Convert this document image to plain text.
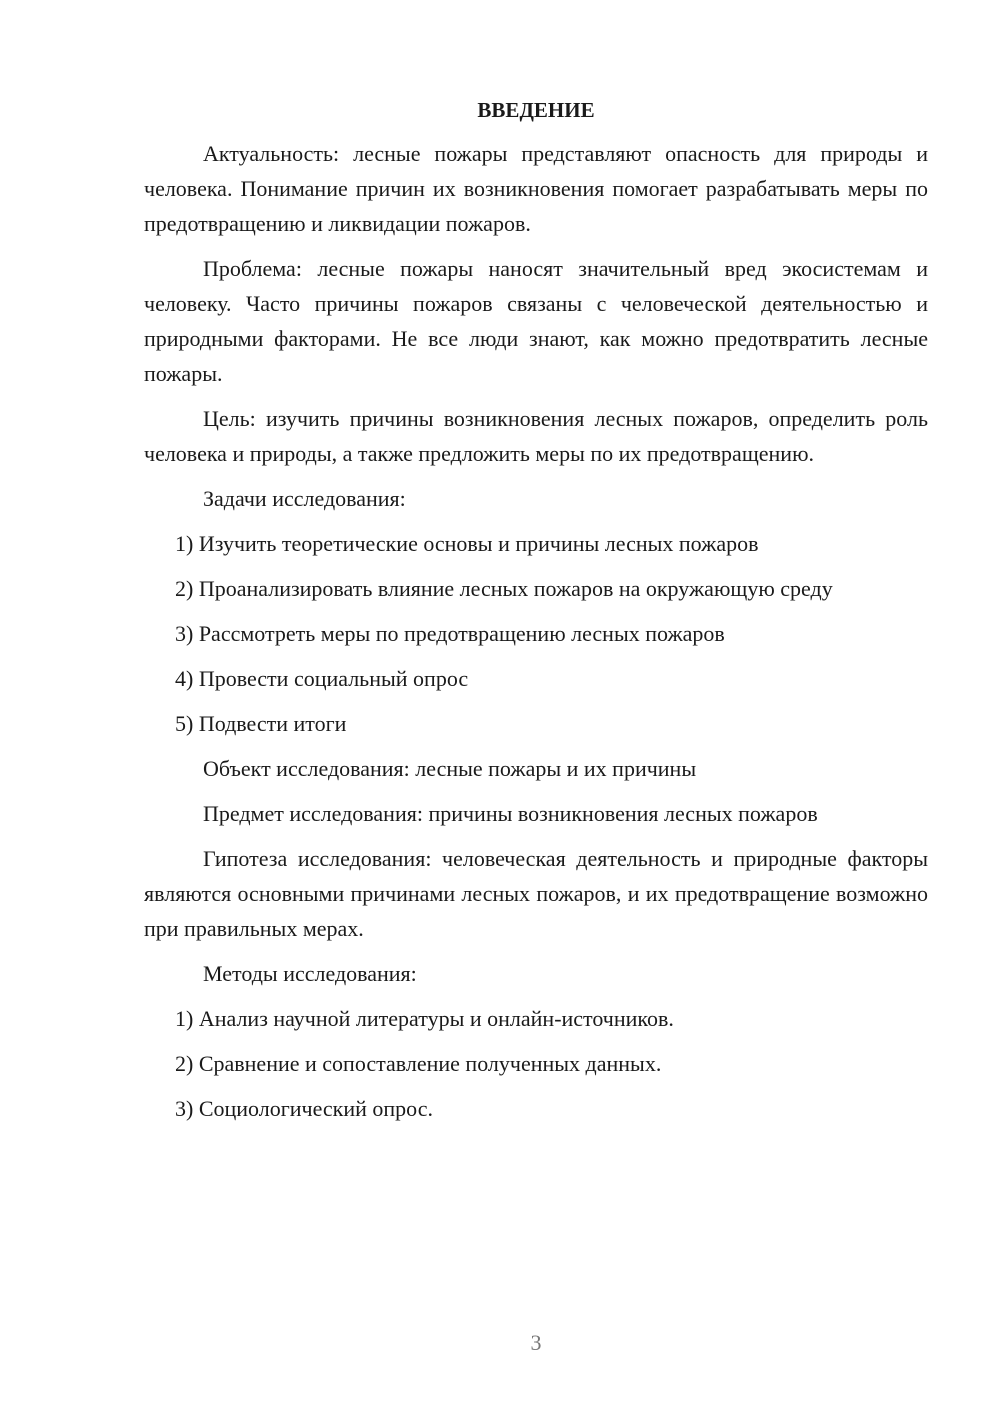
ВВЕДЕНИЕ

Актуальность: лесные пожары представляют опасность для природы и человека. Понимание причин их возникновения помогает разрабатывать меры по предотвращению и ликвидации пожаров.

Проблема: лесные пожары наносят значительный вред экосистемам и человеку. Часто причины пожаров связаны с человеческой деятельностью и природными факторами. Не все люди знают, как можно предотвратить лесные пожары.

Цель: изучить причины возникновения лесных пожаров, определить роль человека и природы, а также предложить меры по их предотвращению.

Задачи исследования:

1) Изучить теоретические основы и причины лесных пожаров

2) Проанализировать влияние лесных пожаров на окружающую среду

3) Рассмотреть меры по предотвращению лесных пожаров

4) Провести социальный опрос

5) Подвести итоги

Объект исследования: лесные пожары и их причины

Предмет исследования: причины возникновения лесных пожаров

Гипотеза исследования: человеческая деятельность и природные факторы являются основными причинами лесных пожаров, и их предотвращение возможно при правильных мерах.

Методы исследования:

1) Анализ научной литературы и онлайн-источников.

2) Сравнение и сопоставление полученных данных.

3) Социологический опрос.

3
